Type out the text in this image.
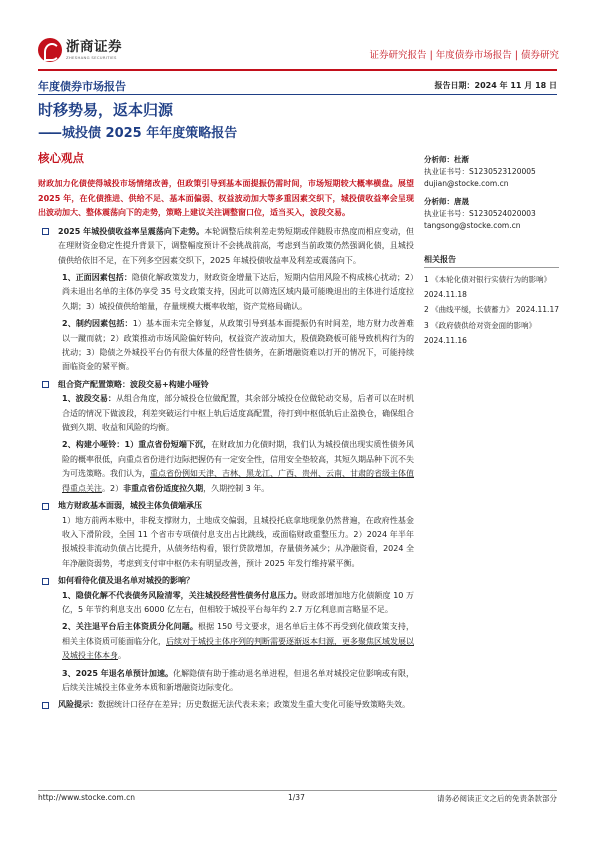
浙商证券
ZHESHANG SECURITIES	证券研究报告 | 年度债券市场报告 | 债券研究
年度债券市场报告	报告日期：2024 年 11 月 18 日
时移势易，返本归源
—— 城投债 2025 年年度策略报告
核心观点
财政加力化债使得城投市场情绪改善，但政策引导到基本面提振仍需时间，市场短期较大概率横盘。展望 2025 年，在化债推进、供给不足、基本面偏弱、权益波动加大等多重因素交织下，城投债收益率会呈现出波动加大、整体震荡向下的走势，策略上建议关注调整窗口位，适当买入，波段交易。
2025 年城投债收益率呈震荡向下走势。本轮调整后续利差走势短期或伴随股市热度而相应变动，但在理财资金稳定性提升背景下，调整幅度预计不会挑战前高，考虑到当前政策仍然强调化债，且城投债供给依旧不足，在下列多空因素交织下，2025 年城投债收益率及利差或震荡向下。
1、正面因素包括：隐债化解政策发力，财政资金增量下达后，短期内信用风险不构成核心扰动；2）尚未退出名单的主体仍享受 35 号文政策支持，因此可以筛选区域内最可能晚退出的主体进行适度拉久期；3）城投债供给缩量，存量规模大概率收缩，资产荒格局确认。
2、制约因素包括：1）基本面未完全修复，从政策引导到基本面提振仍有时间差，地方财力改善难以一蹴而就；2）政策推动市场风险偏好转向，权益资产波动加大，股债跷跷板可能导致机构行为的扰动；3）隐债之外城投平台仍有很大体量的经营性债务，在新增融资难以打开的情况下，可能持续面临资金的紧平衡。
组合资产配置策略：波段交易+构建小哑铃
1、波段交易：从组合角度，部分城投仓位做配置，其余部分城投仓位做轮动交易，后者可以在时机合适的情况下做波段，利差突破运行中枢上轨后适度高配置，待打到中枢低轨后止盈换仓，确保组合做到久期、收益和风险的均衡。
2、构建小哑铃：1）重点省份短端下沉，在财政加力化债时期，我们认为城投债出现实质性债务风险的概率很低，向重点省份进行边际把握仍有一定安全性，信用安全垫较高，其短久期品种下沉不失为可选策略。我们认为，重点省份例如天津、吉林、黑龙江、广西、贵州、云南、甘肃的省级主体值得重点关注。2）非重点省份适度拉久期，久期控制 3 年。
地方财政基本面弱，城投主体负债端承压
1）地方前两本账中，非税支撑财力，土地成交偏弱，且城投托底拿地现象仍然普遍，在政府性基金收入下滑阶段，全国 11 个省市专项债付息支出占比跳线，或面临财政重整压力。2）2024 年半年报城投非流动负债占比提升，从债务结构看，银行贷款增加，存量债务减少；从净融资看，2024 全年净融资弱势，考虑到支付审中枢仍未有明显改善，预计 2025 年发行维持紧平衡。
如何看待化债及退名单对城投的影响？
1、隐债化解不代表债务风险清零，关注城投经营性债务付息压力。财政部增加地方化债额度 10 万亿，5 年节约利息支出 6000 亿左右，但相较于城投平台每年约 2.7 万亿利息而言略显不足。
2、关注退平台后主体资质分化问题。根据 150 号文要求，退名单后主体不再受到化债政策支持，相关主体资质可能面临分化，后续对于城投主体序列的判断需要逐渐返本归源，更多聚焦区域发展以及城投主体本身。
3、2025 年退名单预计加速。化解隐债有助于推动退名单进程，但退名单对城投定位影响或有限，后续关注城投主体业务本质和新增融资边际变化。
风险提示：数据统计口径存在差异；历史数据无法代表未来；政策发生重大变化可能导致策略失效。
分析师：杜渐
执业证书号：S1230523120005
dujian@stocke.com.cn
分析师：唐晟
执业证书号：S1230524020003
tangsong@stocke.com.cn
相关报告
1 《本轮化债对银行实债行为的影响》 2024.11.18
2 《曲线平缓，长债蓄力》 2024.11.17
3 《政府债供给对资金面的影响》 2024.11.16
http://www.stocke.com.cn	1/37	请务必阅读正文之后的免责条款部分
